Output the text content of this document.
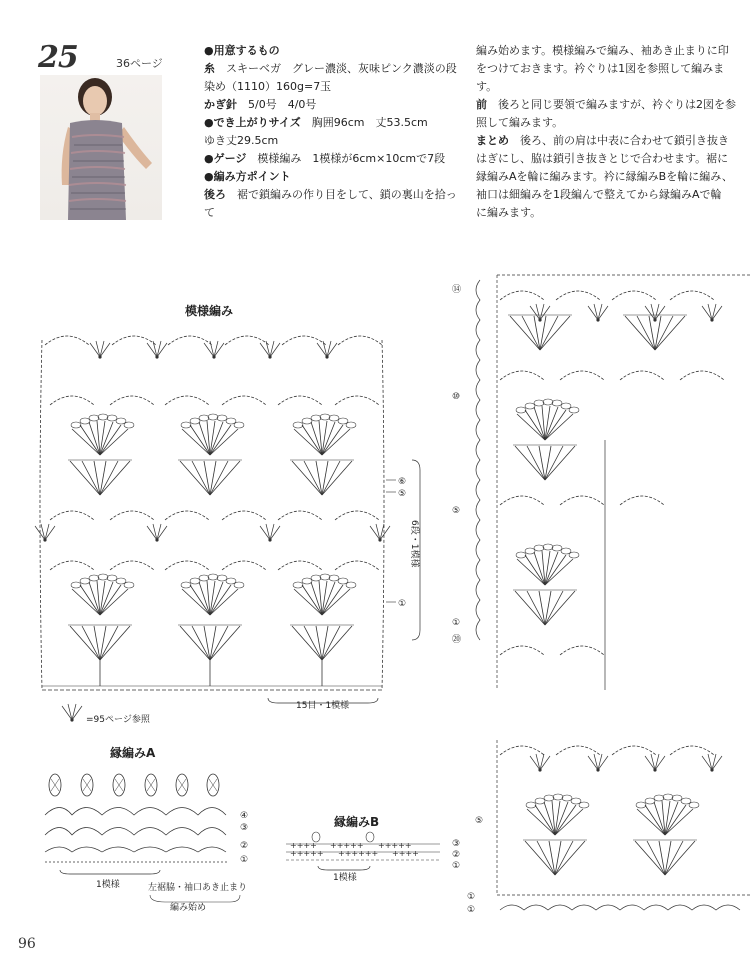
25	36ページ

●用意するもの

糸　 スキーベガ　グレー濃淡、灰味ピンク濃淡の段

染め（1110）160g=7玉

かぎ針　 5/0号　4/0号

●でき上がりサイズ　 胸囲96cm　丈53.5cm

ゆき丈29.5cm

●ゲージ　 模様編み　1模様が6cm×10cmで7段

●編み方ポイント

後ろ　 裾で鎖編みの作り目をして、鎖の裏山を拾って

編み始めます。模様編みで編み、袖あき止まりに印

をつけておきます。衿ぐりは1図を参照して編みます。

前　 後ろと同じ要領で編みますが、衿ぐりは2図を参

照して編みます。

まとめ　 後ろ、前の肩は中表に合わせて鎖引き抜き

はぎにし、脇は鎖引き抜きとじで合わせます。裾に

縁編みAを輪に編みます。衿に縁編みBを輪に編み、

袖口は細編みを1段編んで整えてから縁編みAで輪

に編みます。

模様編み
⑥
⑤
①
6段・1模様
15目・1模様
=95ページ参照
縁編みA
④
③
②
①
1模様	左裾脇・袖口あき止まり
編み始め
縁編みB
++++ +++++ +++++
+++++ ++++++ ++++
③
②
①
1模様
⑭
⑩
⑤
①
⑳
⑤
①
①
96
